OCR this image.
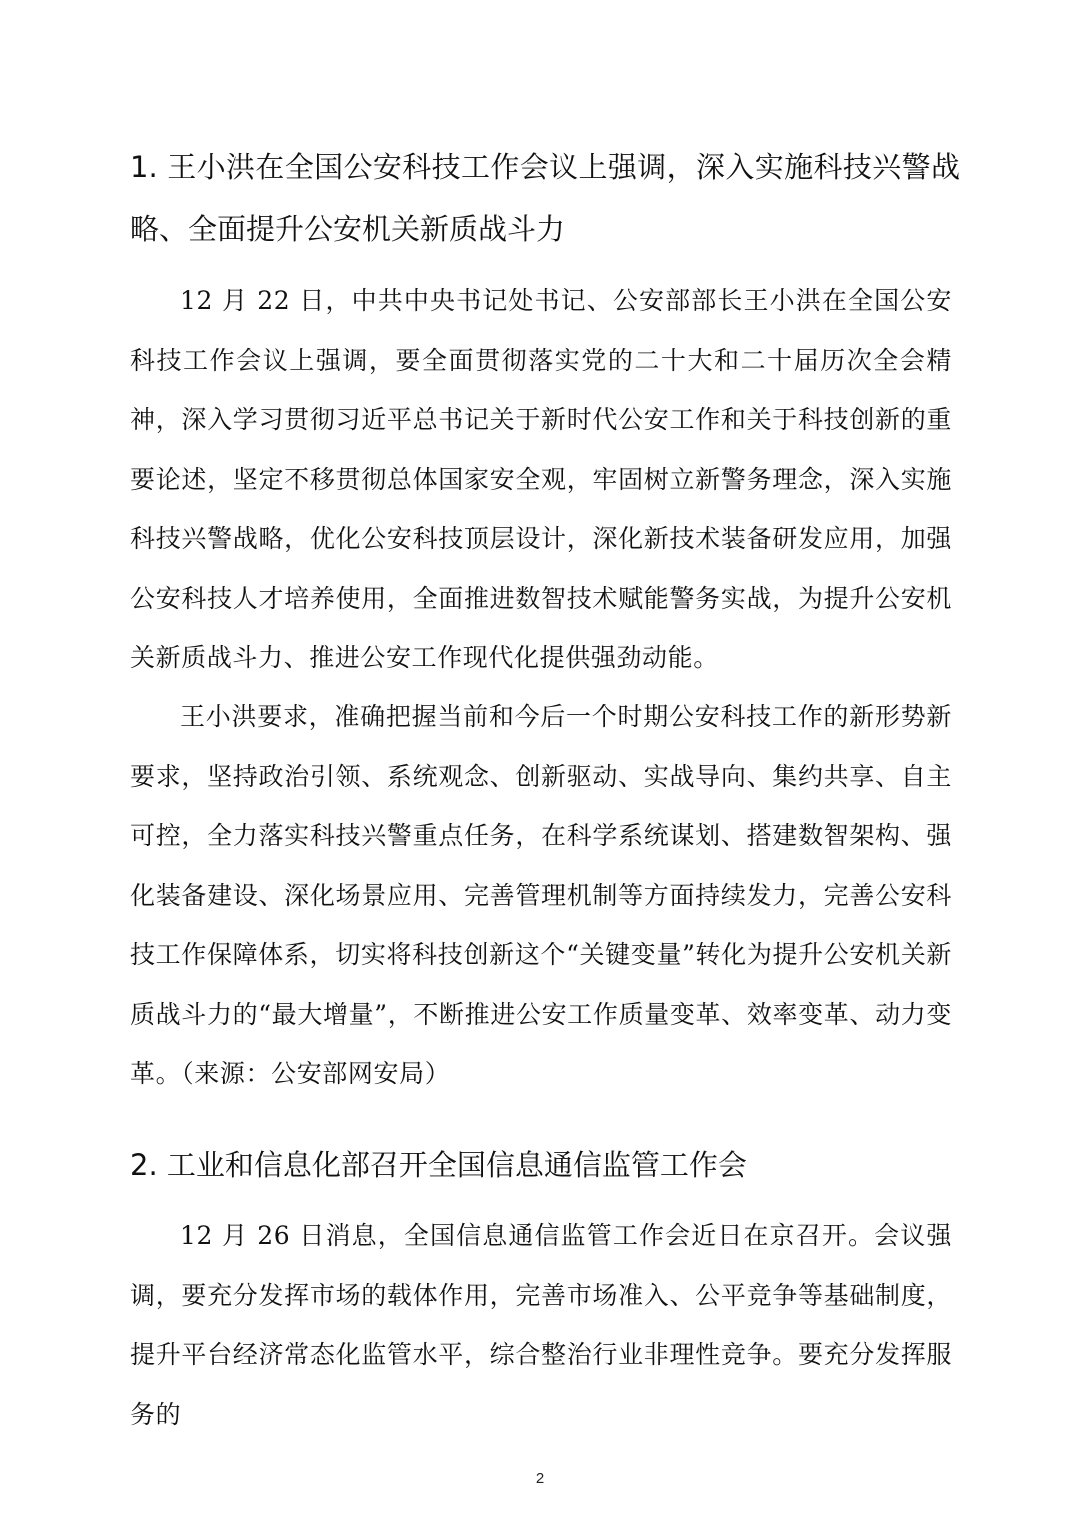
1. 王小洪在全国公安科技工作会议上强调，深入实施科技兴警战略、全面提升公安机关新质战斗力

12 月 22 日，中共中央书记处书记、公安部部长王小洪在全国公安科技工作会议上强调，要全面贯彻落实党的二十大和二十届历次全会精神，深入学习贯彻习近平总书记关于新时代公安工作和关于科技创新的重要论述，坚定不移贯彻总体国家安全观，牢固树立新警务理念，深入实施科技兴警战略，优化公安科技顶层设计，深化新技术装备研发应用，加强公安科技人才培养使用，全面推进数智技术赋能警务实战，为提升公安机关新质战斗力、推进公安工作现代化提供强劲动能。

王小洪要求，准确把握当前和今后一个时期公安科技工作的新形势新要求，坚持政治引领、系统观念、创新驱动、实战导向、集约共享、自主可控，全力落实科技兴警重点任务，在科学系统谋划、搭建数智架构、强化装备建设、深化场景应用、完善管理机制等方面持续发力，完善公安科技工作保障体系，切实将科技创新这个“关键变量”转化为提升公安机关新质战斗力的“最大增量”，不断推进公安工作质量变革、效率变革、动力变革。（来源：公安部网安局）

2. 工业和信息化部召开全国信息通信监管工作会

12 月 26 日消息，全国信息通信监管工作会近日在京召开。会议强调，要充分发挥市场的载体作用，完善市场准入、公平竞争等基础制度，提升平台经济常态化监管水平，综合整治行业非理性竞争。要充分发挥服务的

2
